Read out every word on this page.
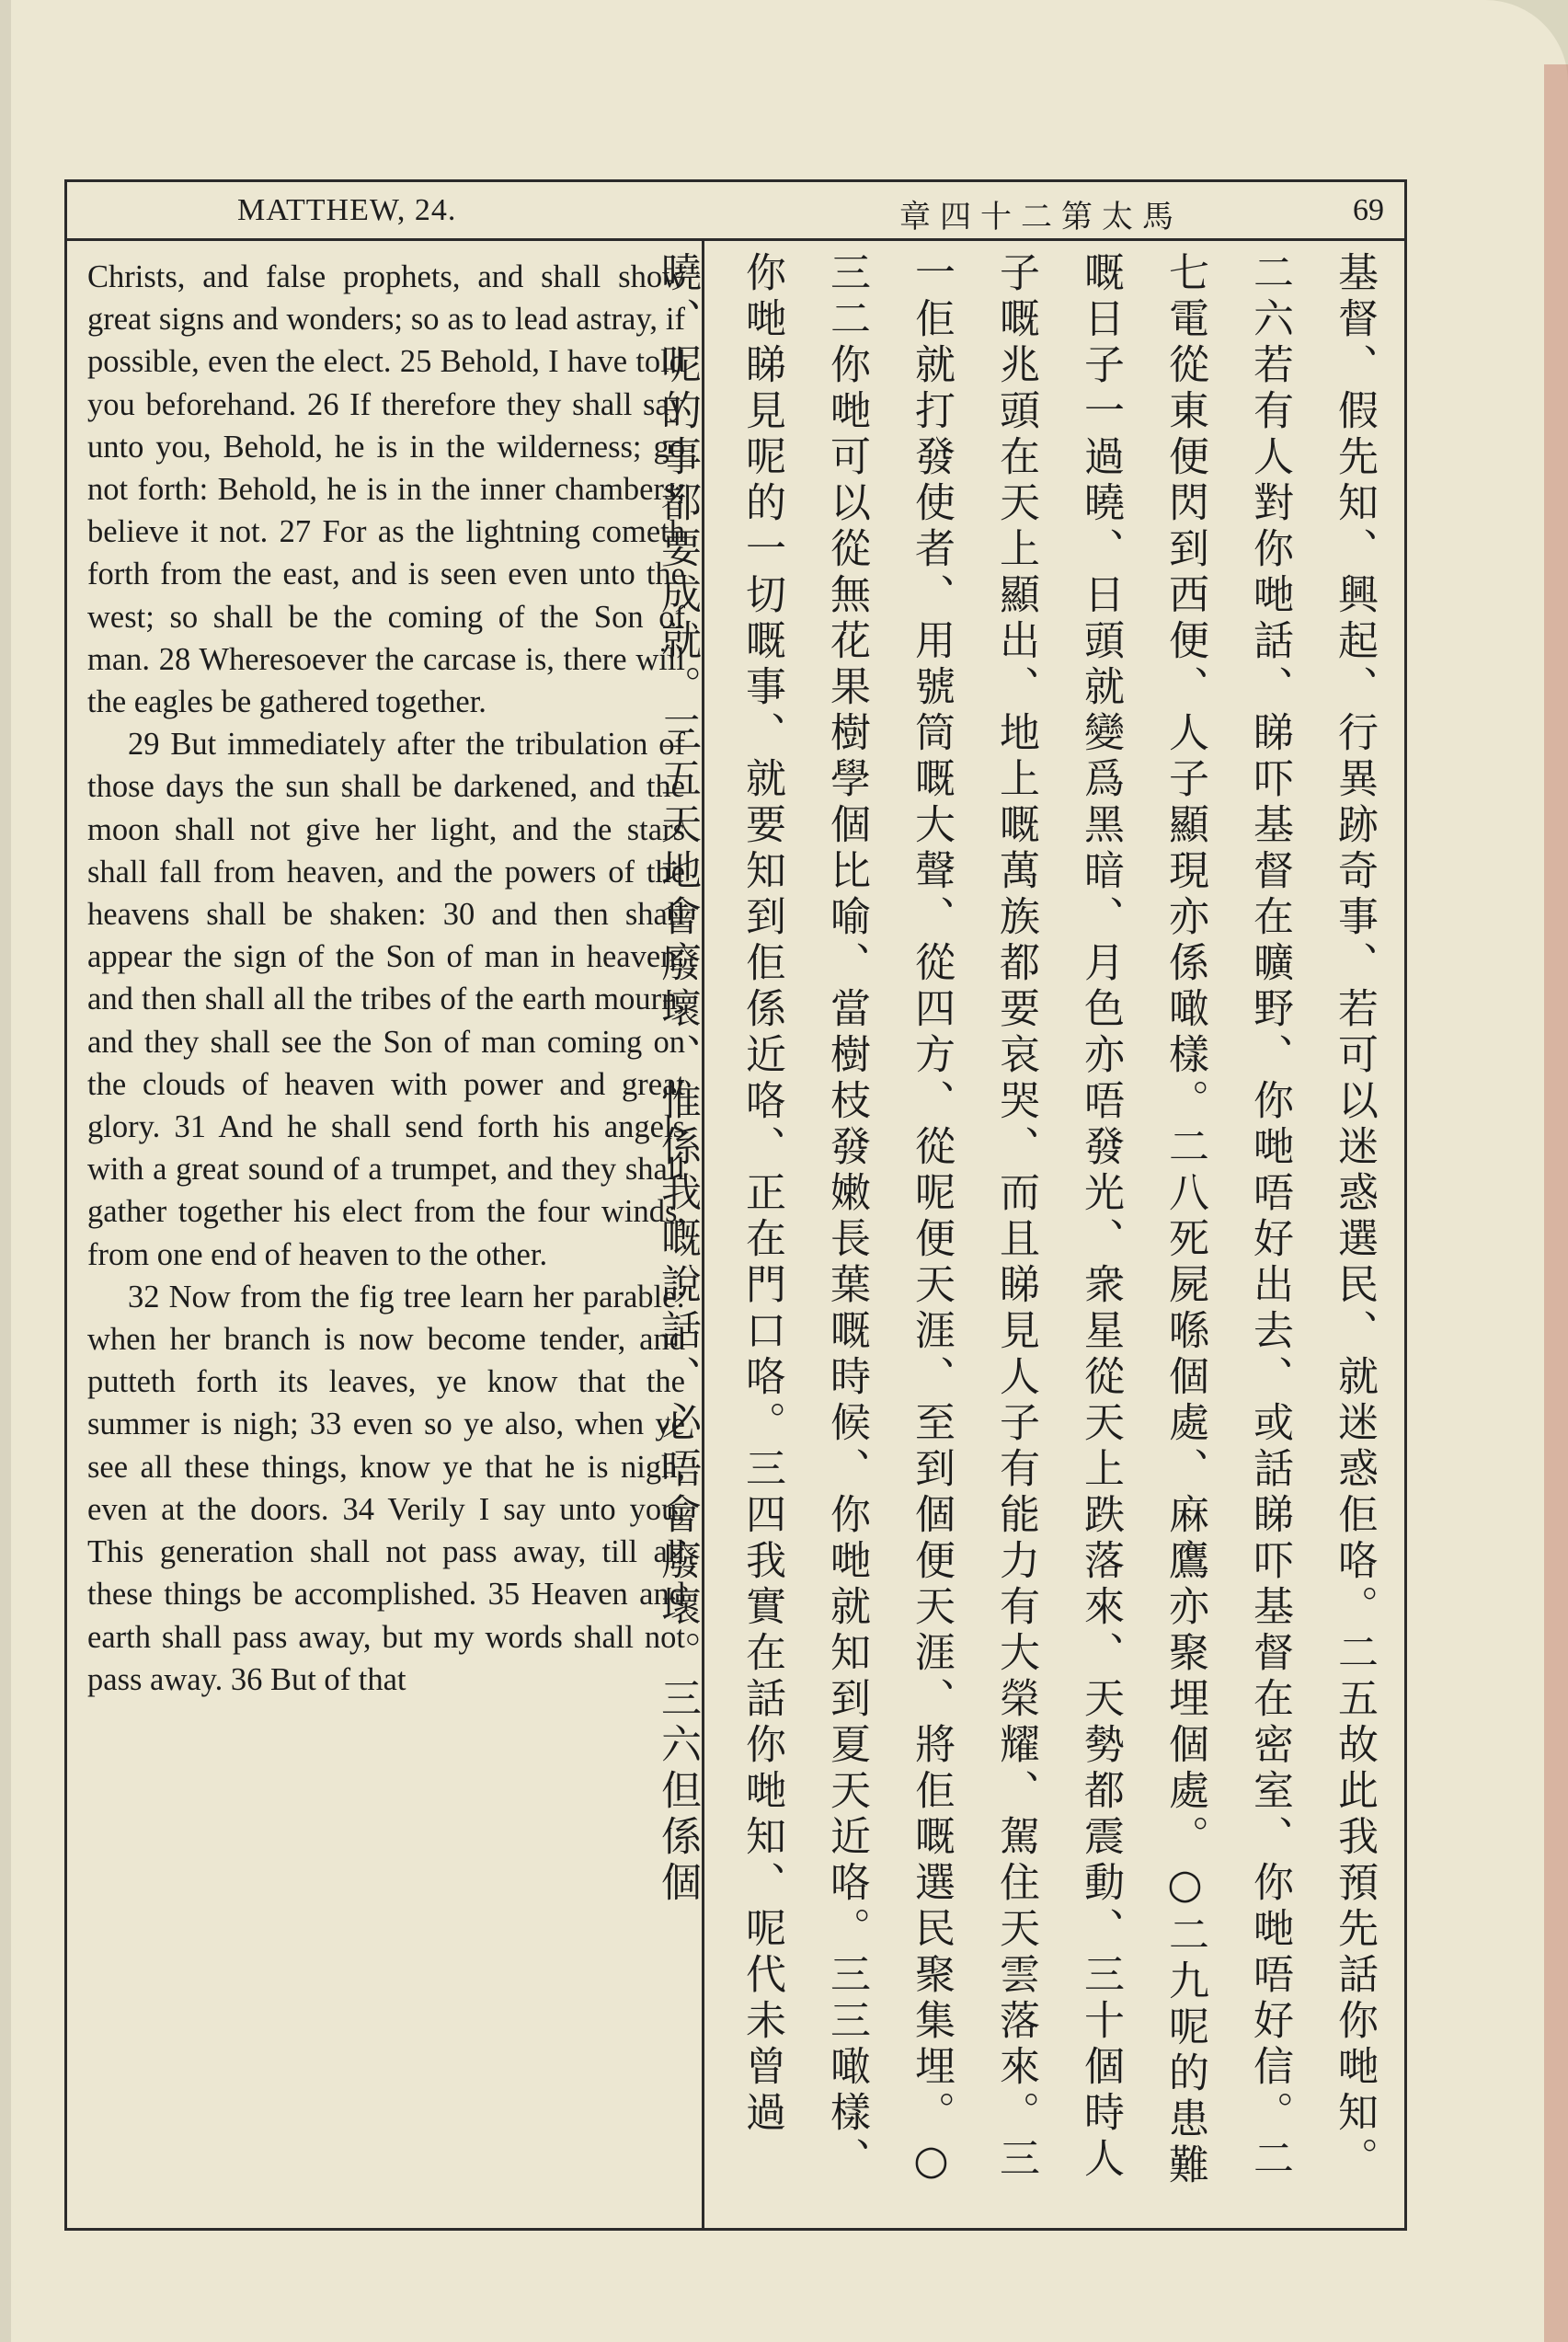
MATTHEW, 24.	章四十二第太馬	69

Christs, and false prophets, and shall show great signs and wonders; so as to lead astray, if possible, even the elect. 25 Behold, I have told you beforehand. 26 If therefore they shall say unto you, Behold, he is in the wilderness; go not forth: Behold, he is in the inner chambers; believe it not. 27 For as the lightning cometh forth from the east, and is seen even unto the west; so shall be the coming of the Son of man. 28 Wheresoever the carcase is, there will the eagles be gathered together.

29 But immediately after the tribulation of those days the sun shall be darkened, and the moon shall not give her light, and the stars shall fall from heaven, and the powers of the heavens shall be shaken: 30 and then shall appear the sign of the Son of man in heaven: and then shall all the tribes of the earth mourn, and they shall see the Son of man coming on the clouds of heaven with power and great glory. 31 And he shall send forth his angels with a great sound of a trumpet, and they shall gather together his elect from the four winds, from one end of heaven to the other.

32 Now from the fig tree learn her parable: when her branch is now become tender, and putteth forth its leaves, ye know that the summer is nigh; 33 even so ye also, when ye see all these things, know ye that he is nigh, even at the doors. 34 Verily I say unto you, This generation shall not pass away, till all these things be accomplished. 35 Heaven and earth shall pass away, but my words shall not pass away. 36 But of that	基督、假先知、興起、行異跡奇事、若可以迷惑選民、就迷惑佢咯。二五故此我預先話你哋知。二六若有人對你哋話、睇吓基督在曠野、你哋唔好出去、或話睇吓基督在密室、你哋唔好信。二七電從東便閃到西便、人子顯現亦係噉樣。二八死屍喺個處、麻鷹亦聚埋個處。○二九呢的患難嘅日子一過曉、日頭就變爲黑暗、月色亦唔發光、衆星從天上跌落來、天勢都震動、三十個時人子嘅兆頭在天上顯出、地上嘅萬族都要哀哭、而且睇見人子有能力有大榮耀、駕住天雲落來。三一佢就打發使者、用號筒嘅大聲、從四方、從呢便天涯、至到個便天涯、將佢嘅選民聚集埋。○三二你哋可以從無花果樹學個比喻、當樹枝發嫩長葉嘅時候、你哋就知到夏天近咯。三三噉樣、你哋睇見呢的一切嘅事、就要知到佢係近咯、正在門口咯。三四我實在話你哋知、呢代未曾過曉、呢的事都要成就。三五天地會廢壞、惟係我嘅說話、必唔會廢壞。三六但係個
